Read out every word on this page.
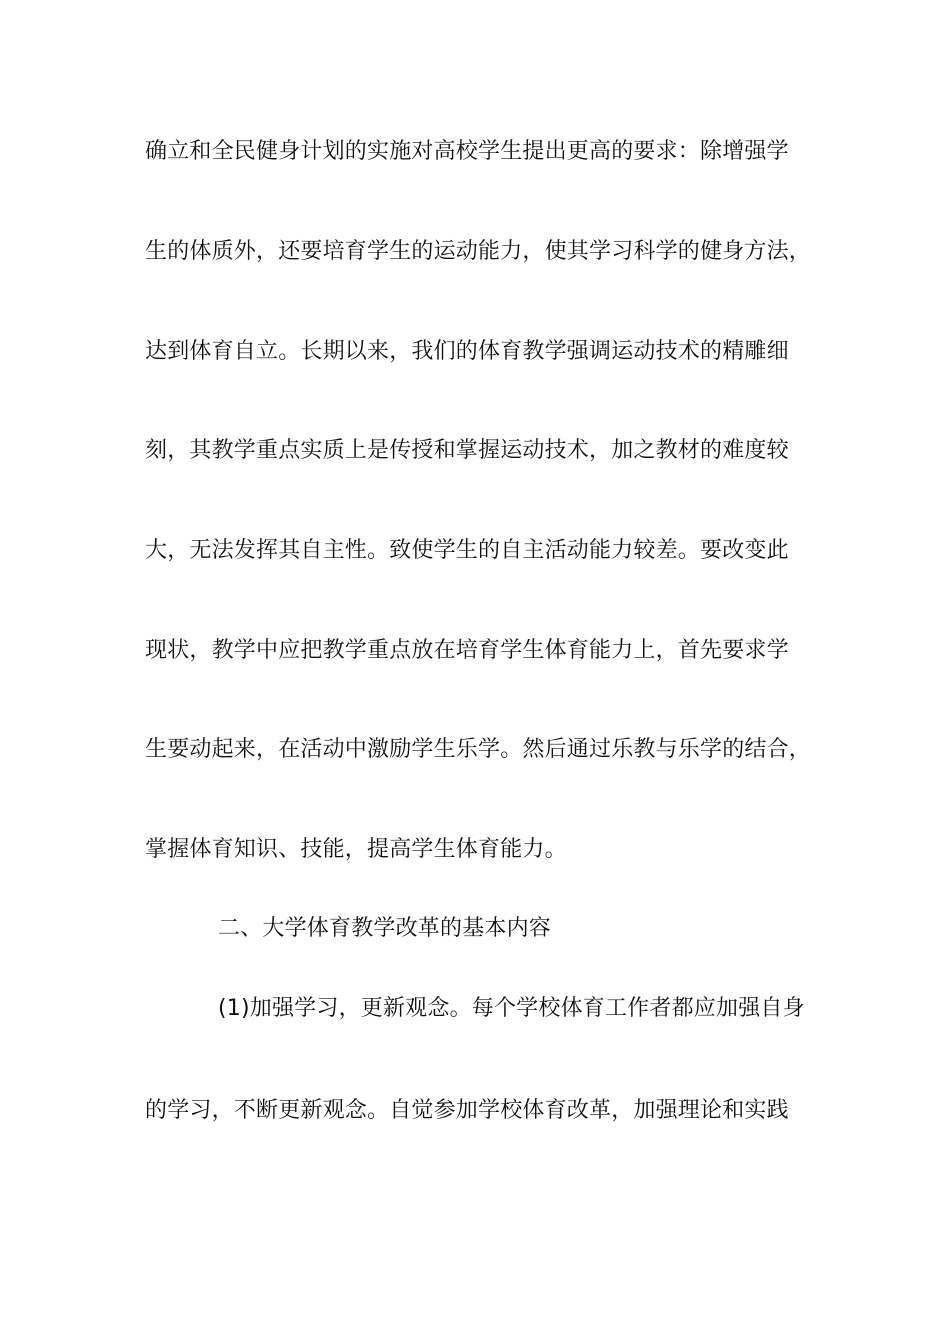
确立和全民健身计划的实施对高校学生提出更高的要求：除增强学
生的体质外，还要培育学生的运动能力，使其学习科学的健身方法，
达到体育自立。长期以来，我们的体育教学强调运动技术的精雕细
刻，其教学重点实质上是传授和掌握运动技术，加之教材的难度较
大，无法发挥其自主性。致使学生的自主活动能力较差。要改变此
现状，教学中应把教学重点放在培育学生体育能力上，首先要求学
生要动起来，在活动中激励学生乐学。然后通过乐教与乐学的结合，
掌握体育知识、技能，提高学生体育能力。
二、大学体育教学改革的基本内容
(1)加强学习，更新观念。每个学校体育工作者都应加强自身
的学习，不断更新观念。自觉参加学校体育改革，加强理论和实践
